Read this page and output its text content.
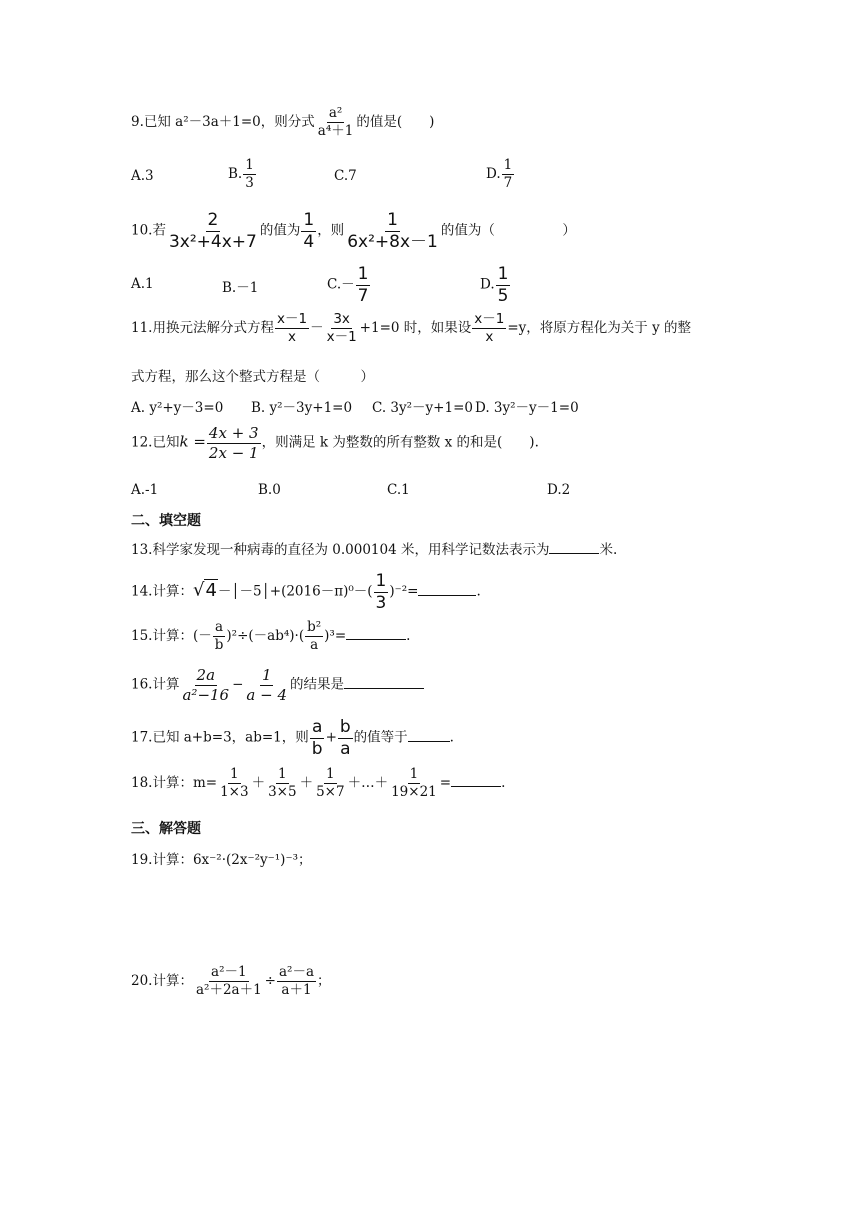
9.已知 a²－3a＋1=0，则分式 $\frac{\text{a²}}{\text{a⁴＋1}}$ 的值是(　　)
A.3	B. $\frac{1}{3}$	C.7	D. $\frac{1}{7}$
10.若 $\frac{2}{\text{3x²+4x+7}}$ 的值为 $\frac{1}{4}$ ，则 $\frac{1}{\text{6x²+8x－1}}$ 的值为（　　　　　）
A.1	B.－1	$C.- \frac{1}{7}$	D. $\frac{1}{5}$
11.用换元法解分式方程 $\frac{x-1}{x} - \frac{3x}{x-1} +1=0$ 时，如果设 $\frac{x-1}{x} =y$，将原方程化为关于 y 的整
式方程，那么这个整式方程是（　　　）
A. y²+y－3=0 B. y²－3y+1=0 C. 3y²－y+1=0 D. 3y²－y－1=0
12.已知$k = \frac{4x + 3}{2x - 1}$ ，则满足 k 为整数的所有整数 x 的和是(　　).
A.-1	B.0	C.1	D.2
二、填空题
13.科学家发现一种病毒的直径为 0.000104 米，用科学记数法表示为	米.
14.计算：√4－│－5│+(2016－π)⁰－( $\frac{1}{3} )^{-2}=$	.
15.计算：(－ $\frac{a}{b} )^2\div(-ab^4)\cdot( \frac{\text{b²}}{a} )^3=$	.
16.计算 $\frac{2a}{\text{a²−16}} - \frac{1}{a - 4}$ 的结果是
17.已知 a+b=3，ab=1，则 $\frac{a}{b} + \frac{b}{a}$ 的值等于	.
18.计算：$m= \frac{1}{1\times 3} + \frac{1}{3\times 5} + \frac{1}{5\times 7}$ ＋…＋ $\frac{1}{19\times 21}$ =	.
三、解答题
19.计算：6x⁻²·(2x⁻²y⁻¹)⁻³；
20.计算： $\frac{\text{a²－1}}{\text{a²＋2a＋1}} \div \frac{\text{a²－a}}{a+1}$ ；
